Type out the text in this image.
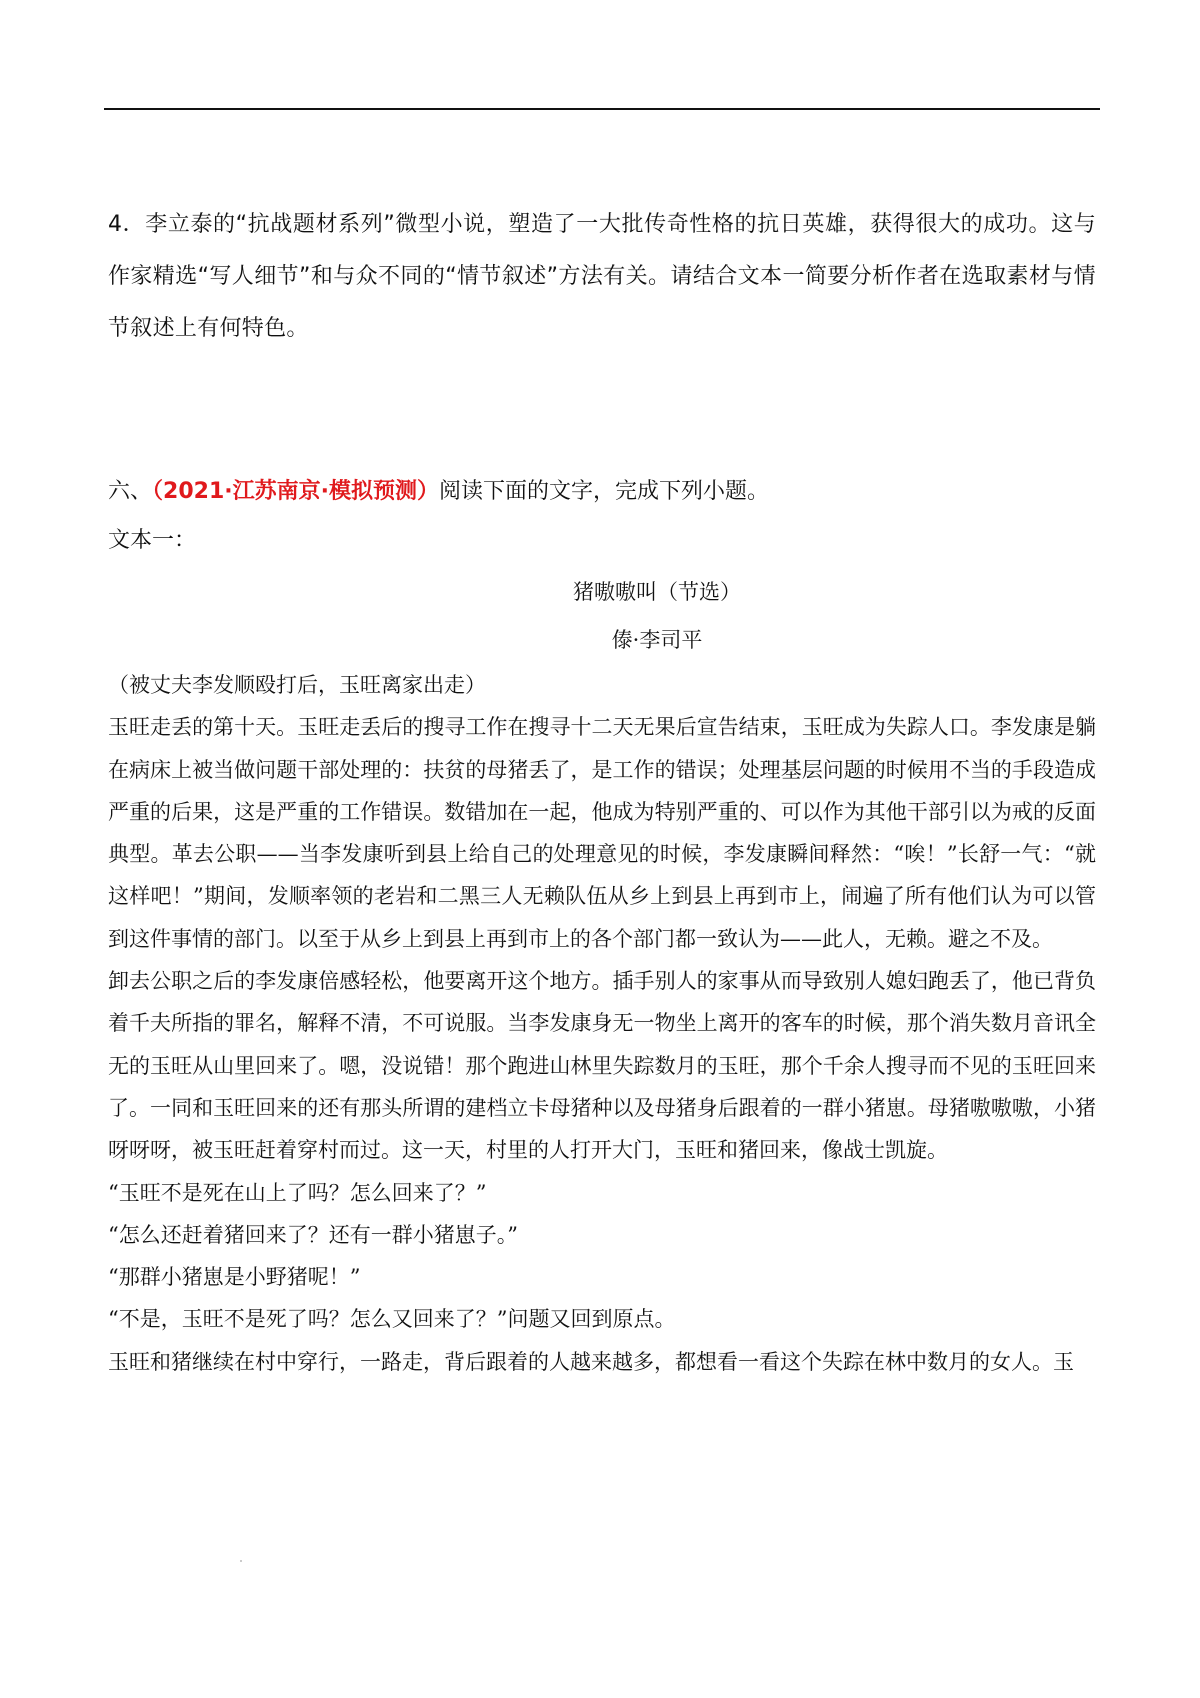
4．李立泰的“抗战题材系列”微型小说，塑造了一大批传奇性格的抗日英雄，获得很大的成功。这与作家精选“写人细节”和与众不同的“情节叙述”方法有关。请结合文本一简要分析作者在选取素材与情节叙述上有何特色。
六、（2021·江苏南京·模拟预测）阅读下面的文字，完成下列小题。
文本一：
猪嗷嗷叫（节选）
傣·李司平

（被丈夫李发顺殴打后，玉旺离家出走）

玉旺走丢的第十天。玉旺走丢后的搜寻工作在搜寻十二天无果后宣告结束，玉旺成为失踪人口。李发康是躺在病床上被当做问题干部处理的：扶贫的母猪丢了，是工作的错误；处理基层问题的时候用不当的手段造成严重的后果，这是严重的工作错误。数错加在一起，他成为特别严重的、可以作为其他干部引以为戒的反面典型。革去公职——当李发康听到县上给自己的处理意见的时候，李发康瞬间释然：“唉！”长舒一气：“就这样吧！”期间，发顺率领的老岩和二黑三人无赖队伍从乡上到县上再到市上，闹遍了所有他们认为可以管到这件事情的部门。以至于从乡上到县上再到市上的各个部门都一致认为——此人，无赖。避之不及。

卸去公职之后的李发康倍感轻松，他要离开这个地方。插手别人的家事从而导致别人媳妇跑丢了，他已背负着千夫所指的罪名，解释不清，不可说服。当李发康身无一物坐上离开的客车的时候，那个消失数月音讯全无的玉旺从山里回来了。嗯，没说错！那个跑进山林里失踪数月的玉旺，那个千余人搜寻而不见的玉旺回来了。一同和玉旺回来的还有那头所谓的建档立卡母猪种以及母猪身后跟着的一群小猪崽。母猪嗷嗷嗷，小猪呀呀呀，被玉旺赶着穿村而过。这一天，村里的人打开大门，玉旺和猪回来，像战士凯旋。

“玉旺不是死在山上了吗？怎么回来了？”

“怎么还赶着猪回来了？还有一群小猪崽子。”

“那群小猪崽是小野猪呢！”

“不是，玉旺不是死了吗？怎么又回来了？”问题又回到原点。

玉旺和猪继续在村中穿行，一路走，背后跟着的人越来越多，都想看一看这个失踪在林中数月的女人。玉
